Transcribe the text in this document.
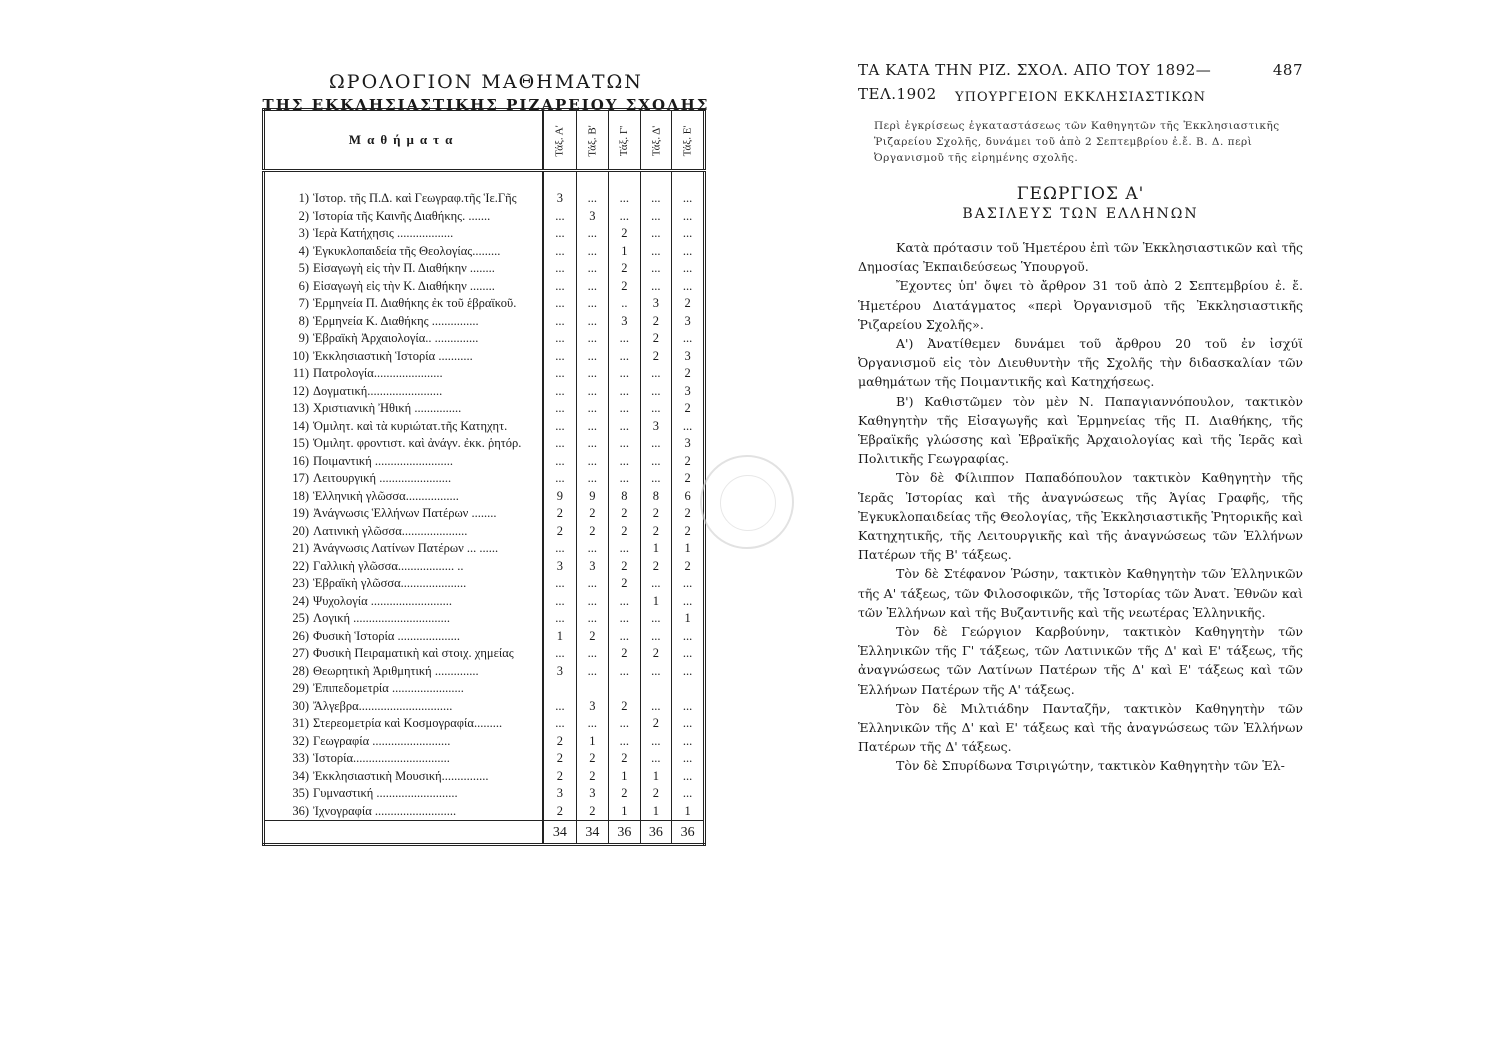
ΩΡΟΛΟΓΙΟΝ ΜΑΘΗΜΑΤΩΝ
ΤΗΣ ΕΚΚΛΗΣΙΑΣΤΙΚΗΣ ΡΙΖΑΡΕΙΟΥ ΣΧΟΛΗΣ
Μαθήματα		Τάξ. Α'	Τάξ. Β'	Τάξ. Γ'	Τάξ. Δ'	Τάξ. Ε'

1)	Ἱστορ. τῆς Π.Δ. καὶ Γεωγραφ.τῆς Ἱε.Γῆς	3	...	...	...	...
2)	Ἱστορία τῆς Καινῆς Διαθήκης. .......	...	3	...	...	...
3)	Ἱερὰ Κατήχησις ..................	...	...	2	...	...
4)	Ἐγκυκλοπαιδεία τῆς Θεολογίας.........	...	...	1	...	...
5)	Εἰσαγωγὴ εἰς τὴν Π. Διαθήκην ........	...	...	2	...	...
6)	Εἰσαγωγὴ εἰς τὴν Κ. Διαθήκην ........	...	...	2	...	...
7)	Ἑρμηνεία Π. Διαθήκης ἐκ τοῦ ἑβραϊκοῦ.	...	...	..	3	2
8)	Ἑρμηνεία Κ. Διαθήκης ...............	...	...	3	2	3
9)	Ἑβραϊκὴ Ἀρχαιολογία.. ..............	...	...	...	2	...
10)	Ἐκκλησιαστικὴ Ἱστορία ...........	...	...	...	2	3
11)	Πατρολογία......................	...	...	...	...	2
12)	Δογματική........................	...	...	...	...	3
13)	Χριστιανικὴ Ἠθική ...............	...	...	...	...	2
14)	Ὁμιλητ. καὶ τὰ κυριώτατ.τῆς Κατηχητ.	...	...	...	3	...
15)	Ὁμιλητ. φροντιστ. καὶ ἀνάγν. ἐκκ. ῥητόρ.	...	...	...	...	3
16)	Ποιμαντική .........................	...	...	...	...	2
17)	Λειτουργική .......................	...	...	...	...	2
18)	Ἑλληνικὴ γλῶσσα.................	9	9	8	8	6
19)	Ἀνάγνωσις Ἑλλήνων Πατέρων ........	2	2	2	2	2
20)	Λατινικὴ γλῶσσα.....................	2	2	2	2	2
21)	Ἀνάγνωσις Λατίνων Πατέρων ... ......	...	...	...	1	1
22)	Γαλλικὴ γλῶσσα.................. ..	3	3	2	2	2
23)	Ἑβραϊκὴ γλῶσσα.....................	...	...	2	...	...
24)	Ψυχολογία ..........................	...	...	...	1	...
25)	Λογική ...............................	...	...	...	...	1
26)	Φυσικὴ Ἱστορία ....................	1	2	...	...	...
27)	Φυσικὴ Πειραματικὴ καὶ στοιχ. χημείας	...	...	2	2	...
28)	Θεωρητικὴ Ἀριθμητική ..............	3	...	...	...	...
29)	Ἐπιπεδομετρία .......................					
30)	Ἄλγεβρα..............................	...	3	2	...	...
31)	Στερεομετρία καὶ Κοσμογραφία.........	...	...	...	2	...
32)	Γεωγραφία .........................	2	1	...	...	...
33)	Ἱστορία...............................	2	2	2	...	...
34)	Ἐκκλησιαστικὴ Μουσική...............	2	2	1	1	...
35)	Γυμναστική ..........................	3	3	2	2	...
36)	Ἰχνογραφία ..........................	2	2	1	1	1
		34	34	36	36	36
ΤΑ ΚΑΤΑ ΤΗΝ ΡΙΖ. ΣΧΟΛ. ΑΠΟ ΤΟΥ 1892—ΤΕΛ.1902
487
ΥΠΟΥΡΓΕΙΟΝ ΕΚΚΛΗΣΙΑΣΤΙΚΩΝ
Περὶ ἐγκρίσεως ἐγκαταστάσεως τῶν Καθηγητῶν τῆς Ἐκκλησιαστικῆς Ῥιζαρείου Σχολῆς, δυνάμει τοῦ ἀπὸ 2 Σεπτεμβρίου ἐ.ἔ. Β. Δ. περὶ Ὀργανισμοῦ τῆς εἰρημένης σχολῆς.
ΓΕΩΡΓΙΟΣ Α'
ΒΑΣΙΛΕΥΣ ΤΩΝ ΕΛΛΗΝΩΝ

Κατὰ πρότασιν τοῦ Ἡμετέρου ἐπὶ τῶν Ἐκκλησιαστικῶν καὶ τῆς Δημοσίας Ἐκπαιδεύσεως Ὑπουργοῦ.

Ἔχοντες ὑπ' ὄψει τὸ ἄρθρον 31 τοῦ ἀπὸ 2 Σεπτεμβρίου ἐ. ἔ. Ἡμετέρου Διατάγματος «περὶ Ὀργανισμοῦ τῆς Ἐκκλησιαστικῆς Ῥιζαρείου Σχολῆς».

Α') Ἀνατίθεμεν δυνάμει τοῦ ἄρθρου 20 τοῦ ἐν ἰσχύϊ Ὀργανισμοῦ εἰς τὸν Διευθυντὴν τῆς Σχολῆς τὴν διδασκαλίαν τῶν μαθημάτων τῆς Ποιμαντικῆς καὶ Κατηχήσεως.

Β') Καθιστῶμεν τὸν μὲν Ν. Παπαγιαννόπουλον, τακτικὸν Καθηγητὴν τῆς Εἰσαγωγῆς καὶ Ἑρμηνείας τῆς Π. Διαθήκης, τῆς Ἑβραϊκῆς γλώσσης καὶ Ἑβραϊκῆς Ἀρχαιολογίας καὶ τῆς Ἱερᾶς καὶ Πολιτικῆς Γεωγραφίας.

Τὸν δὲ Φίλιππον Παπαδόπουλον τακτικὸν Καθηγητὴν τῆς Ἱερᾶς Ἱστορίας καὶ τῆς ἀναγνώσεως τῆς Ἁγίας Γραφῆς, τῆς Ἐγκυκλοπαιδείας τῆς Θεολογίας, τῆς Ἐκκλησιαστικῆς Ῥητορικῆς καὶ Κατηχητικῆς, τῆς Λειτουργικῆς καὶ τῆς ἀναγνώσεως τῶν Ἑλλήνων Πατέρων τῆς Β' τάξεως.

Τὸν δὲ Στέφανον Ῥώσην, τακτικὸν Καθηγητὴν τῶν Ἑλληνικῶν τῆς Α' τάξεως, τῶν Φιλοσοφικῶν, τῆς Ἱστορίας τῶν Ἀνατ. Ἐθνῶν καὶ τῶν Ἑλλήνων καὶ τῆς Βυζαντινῆς καὶ τῆς νεωτέρας Ἑλληνικῆς.

Τὸν δὲ Γεώργιον Καρβούνην, τακτικὸν Καθηγητὴν τῶν Ἑλληνικῶν τῆς Γ' τάξεως, τῶν Λατινικῶν τῆς Δ' καὶ Ε' τάξεως, τῆς ἀναγνώσεως τῶν Λατίνων Πατέρων τῆς Δ' καὶ Ε' τάξεως καὶ τῶν Ἑλλήνων Πατέρων τῆς Α' τάξεως.

Τὸν δὲ Μιλτιάδην Πανταζῆν, τακτικὸν Καθηγητὴν τῶν Ἑλληνικῶν τῆς Δ' καὶ Ε' τάξεως καὶ τῆς ἀναγνώσεως τῶν Ἑλλήνων Πατέρων τῆς Δ' τάξεως.

Τὸν δὲ Σπυρίδωνα Τσιριγώτην, τακτικὸν Καθηγητὴν τῶν Ἑλ-
